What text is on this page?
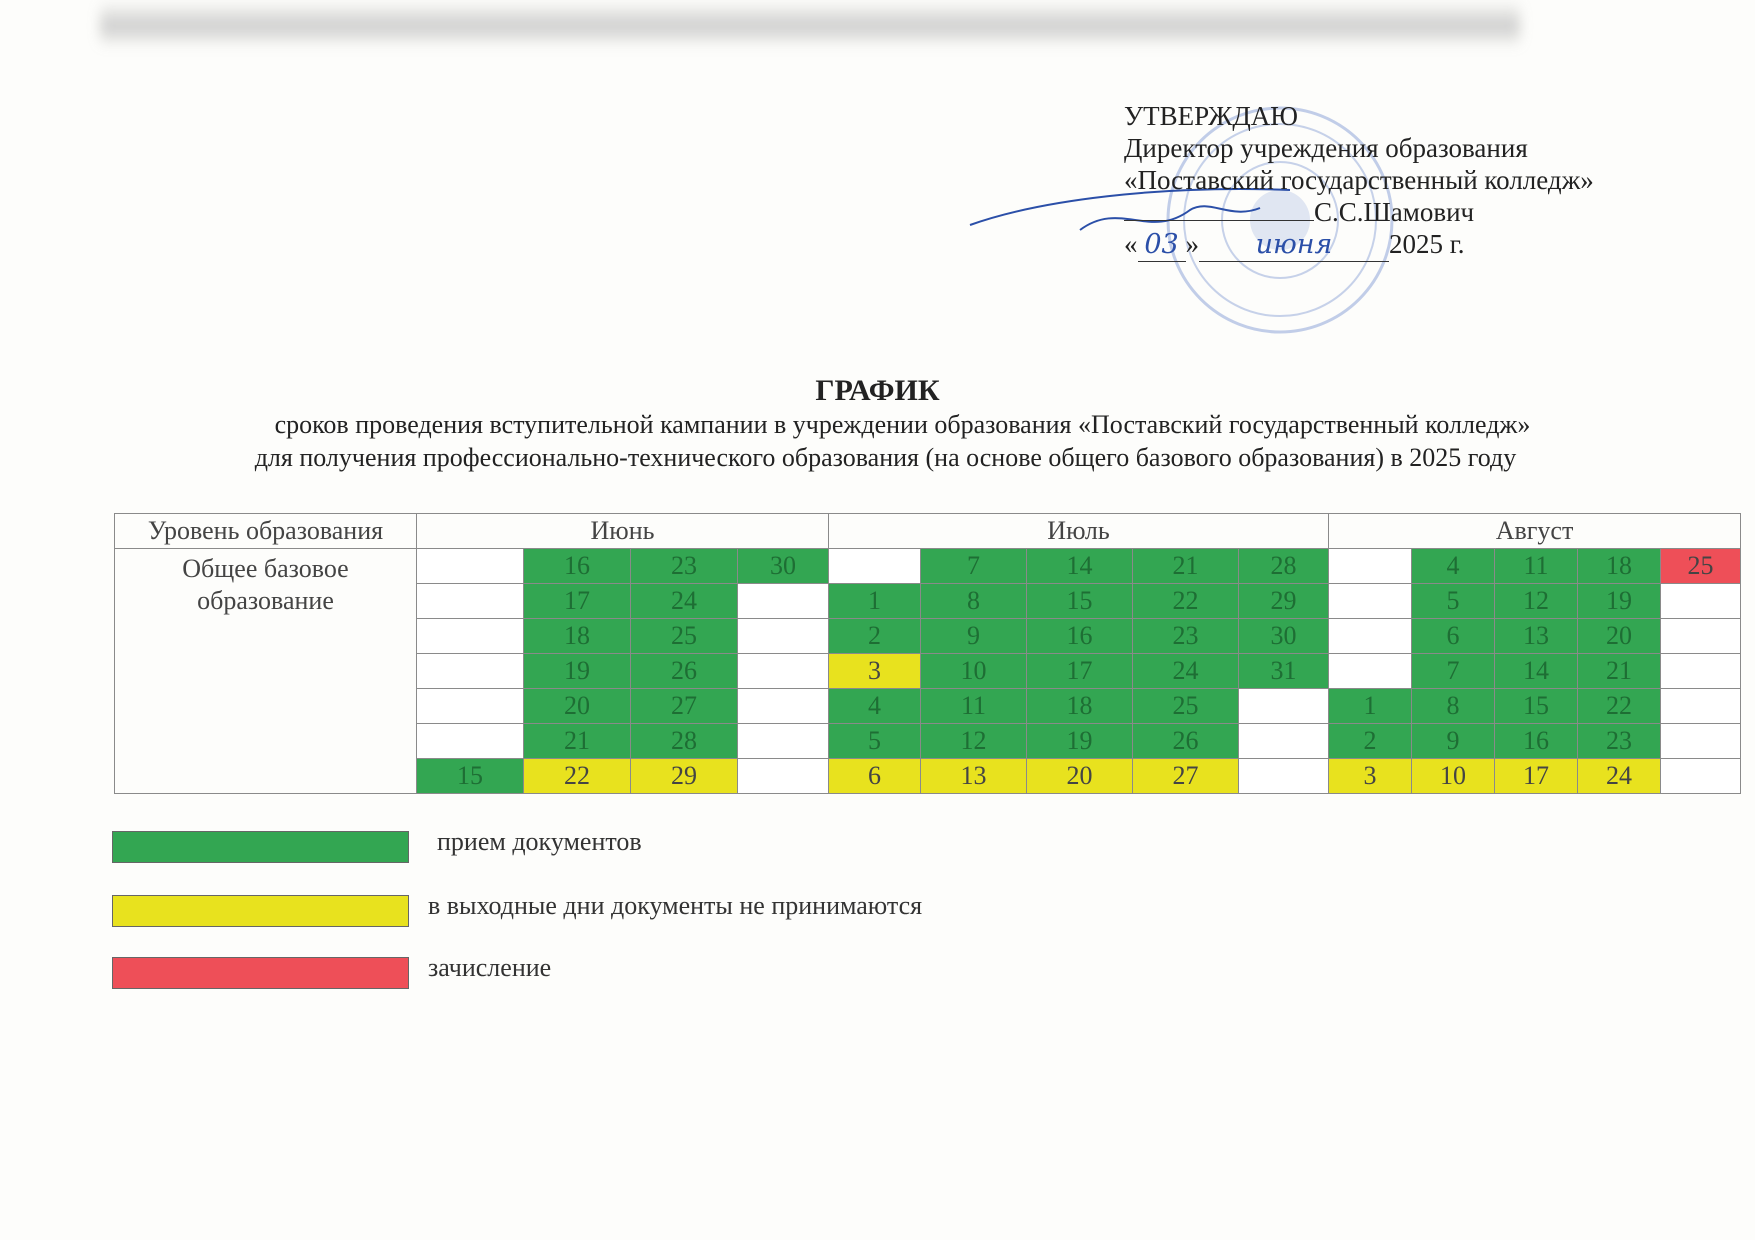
УТВЕРЖДАЮ
Директор учреждения образования
«Поставский государственный колледж»
С.С.Шамович
« 03 » июня 2025 г.
ГРАФИК
сроков проведения вступительной кампании в учреждении образования «Поставский государственный колледж»
для получения профессионально-технического образования (на основе общего базового образования) в 2025 году
Уровень образования	Июнь				Июль					Август				
Общее базовое образование		16	23	30		7	14	21	28		4	11	18	25
		17	24		1	8	15	22	29		5	12	19	
		18	25		2	9	16	23	30		6	13	20	
		19	26		3	10	17	24	31		7	14	21	
		20	27		4	11	18	25		1	8	15	22	
		21	28		5	12	19	26		2	9	16	23	
	15	22	29		6	13	20	27		3	10	17	24	
прием документов
в выходные дни документы не принимаются
зачисление
